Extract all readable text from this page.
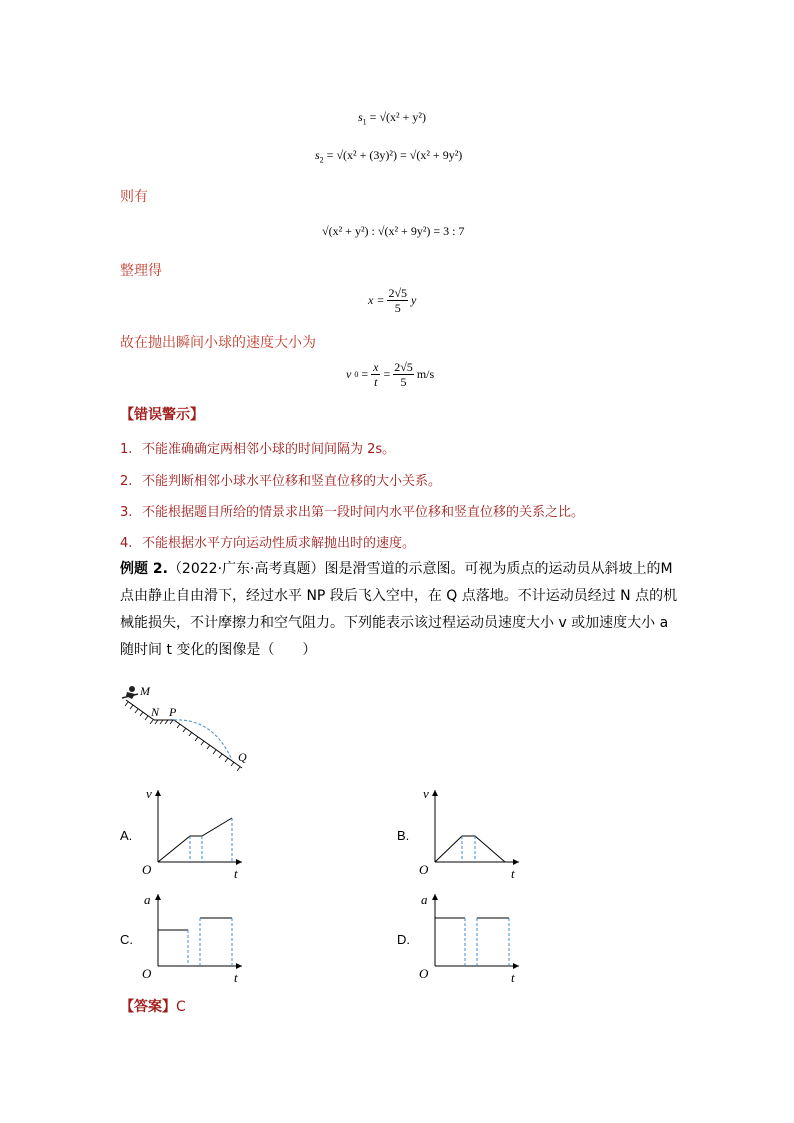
$s_1 = √(x^2 + y^2)$
$s_2 = √(x^2 + (3y)^2) = √(x^2 + 9y^2)$
则有
√(x² + y²) : √(x² + 9y²) = 3 : 7
整理得
$x = \frac{2√5}{5}$ y
故在抛出瞬间小球的速度大小为
v $0 = \frac{x}{t} = \frac{2√5}{5} m/s$
【错误警示】
1. 不能准确确定两相邻小球的时间间隔为 2s。
2. 不能判断相邻小球水平位移和竖直位移的大小关系。
3. 不能根据题目所给的情景求出第一段时间内水平位移和竖直位移的关系之比。
4. 不能根据水平方向运动性质求解抛出时的速度。
例题 2.（2022·广东·高考真题）图是滑雪道的示意图。可视为质点的运动员从斜坡上的M
点由静止自由滑下，经过水平 NP 段后飞入空中，在 Q 点落地。不计运动员经过 N 点的机
械能损失，不计摩擦力和空气阻力。下列能表示该过程运动员速度大小 v 或加速度大小 a
随时间 t 变化的图像是（　　）
M
N P
Q
A.
v
O	t
B.
v
O	t
C.
a
O	t
D.
a
O	t
【答案】C
